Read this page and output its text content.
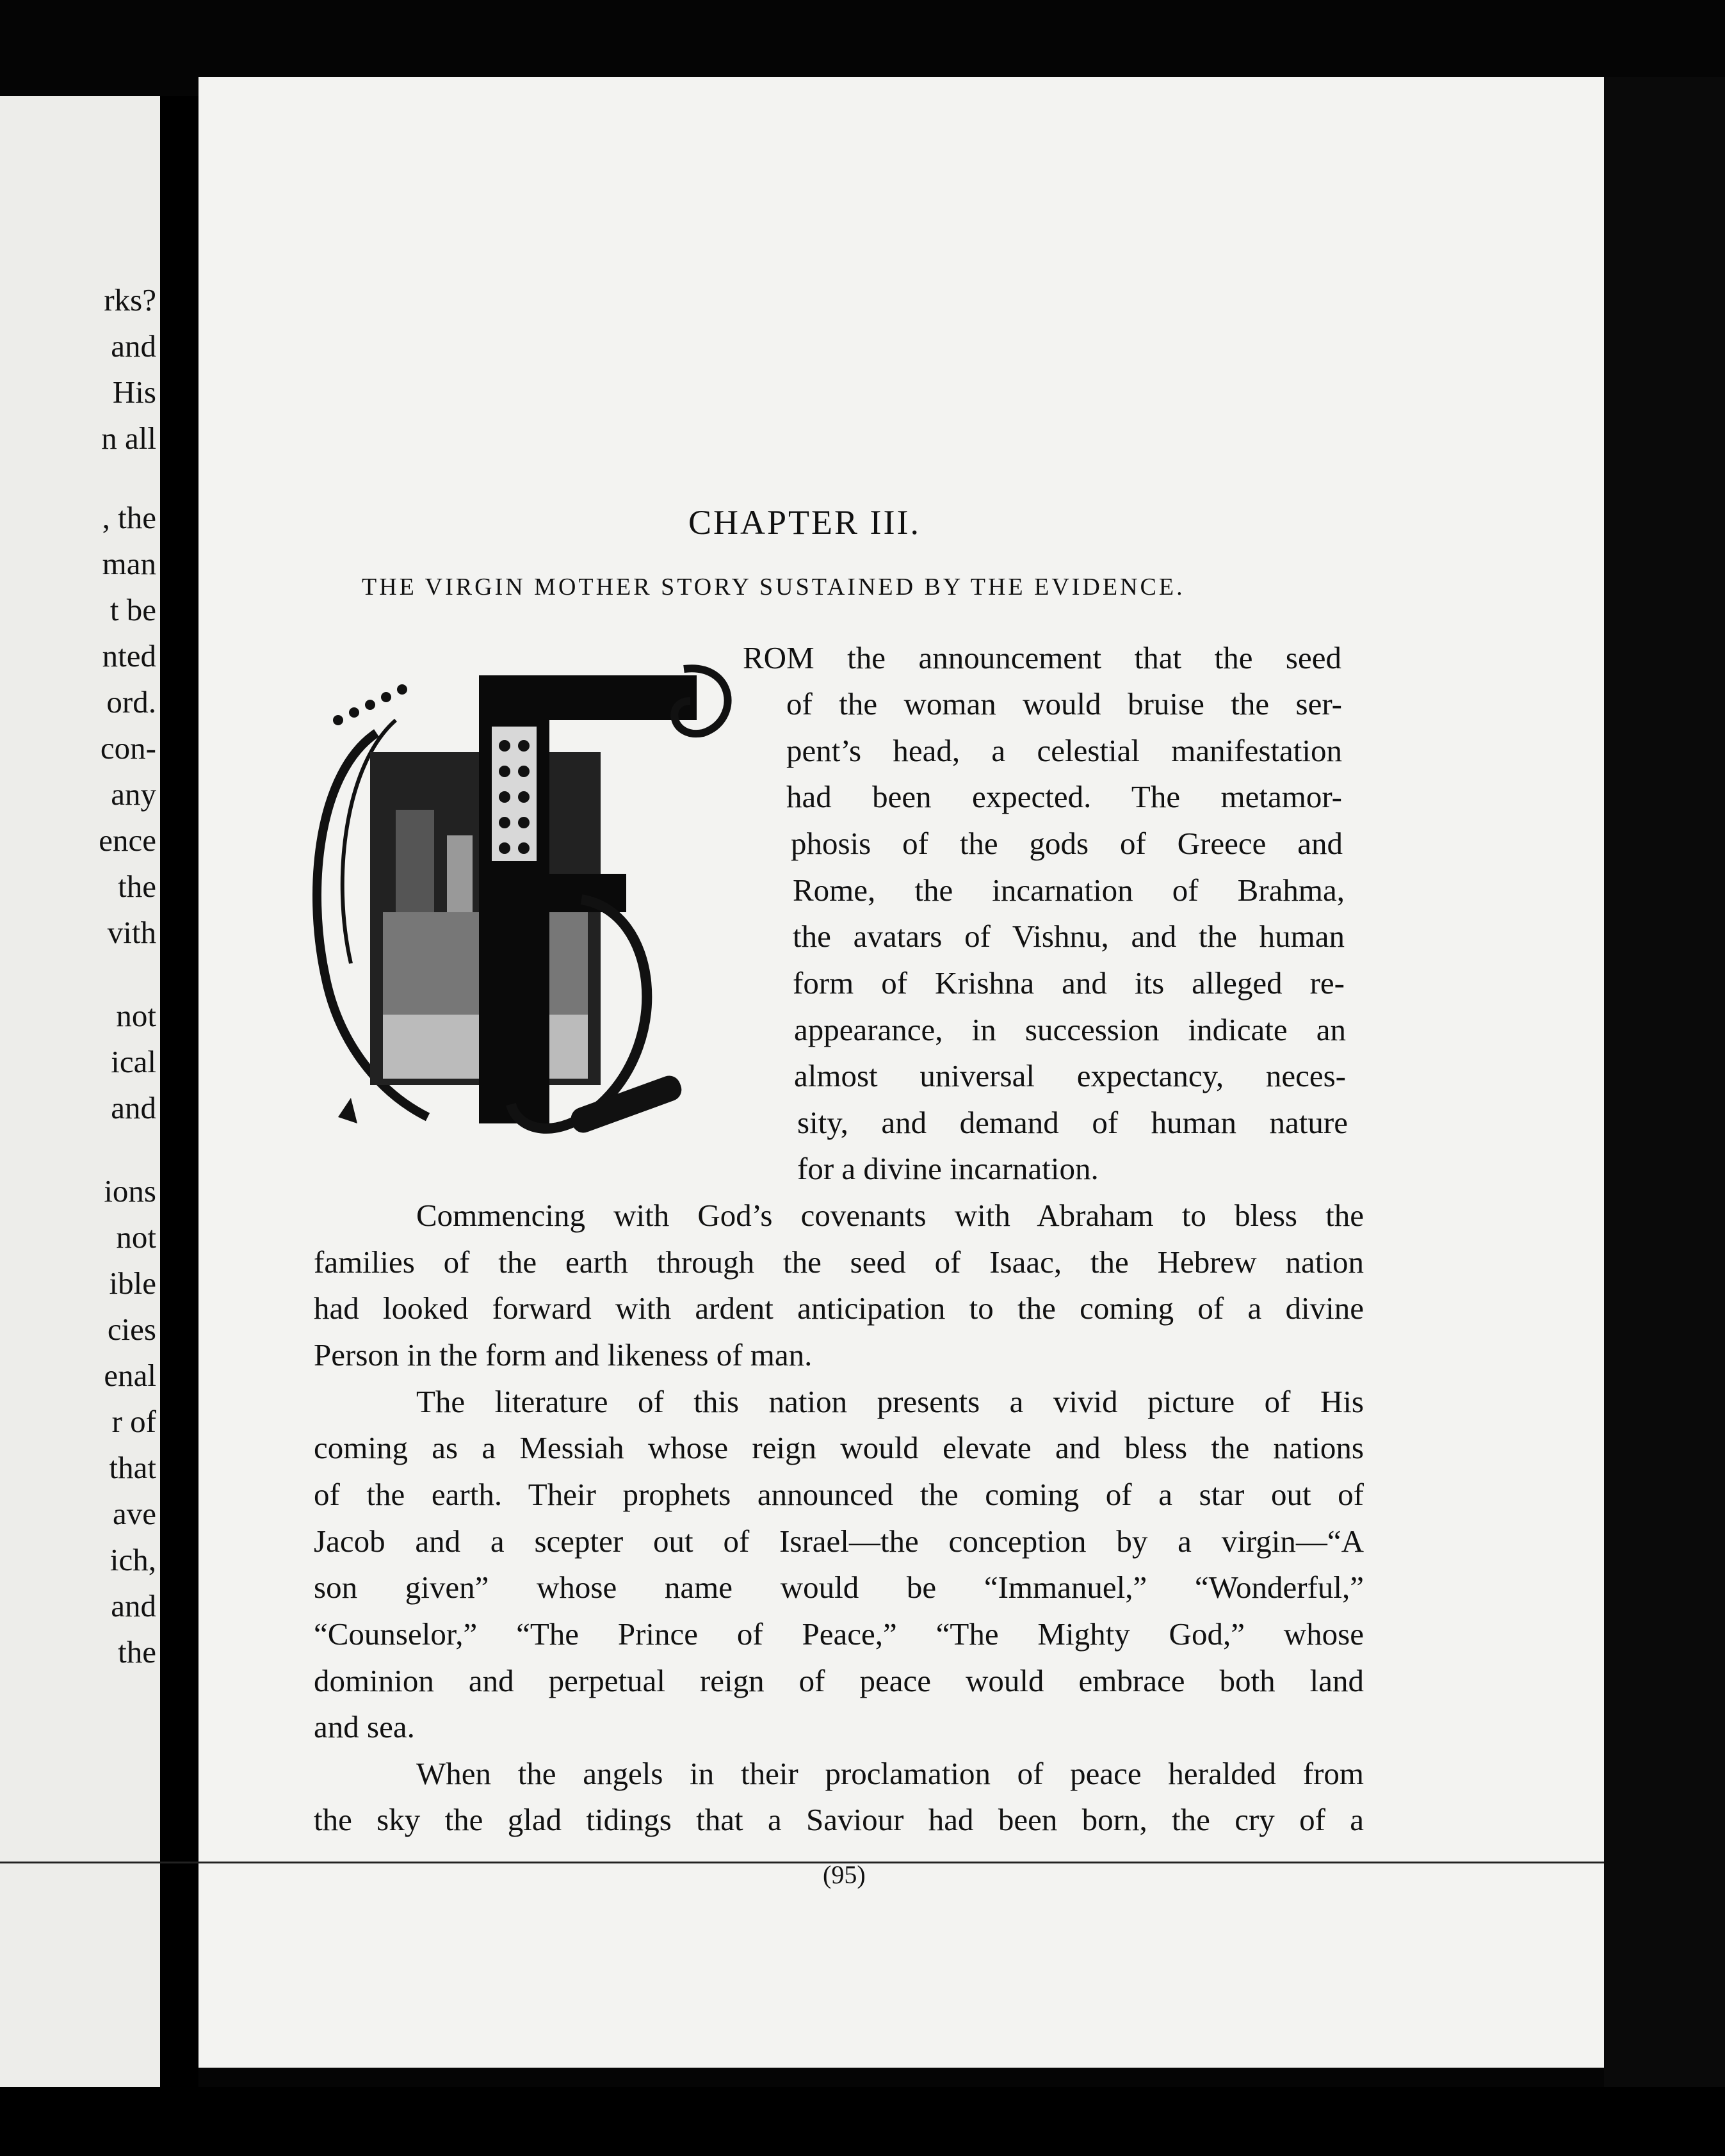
rks?
and
His
n all
, the
man
t be
nted
ord.
con-
any
ence
the
vith
not
ical
and
ions
not
ible
cies
enal
r of
that
ave
ich,
and
the
CHAPTER III.
THE VIRGIN MOTHER STORY SUSTAINED BY THE EVIDENCE.
ROM the announcement that the seed
of the woman would bruise the ser-
pent’s head, a celestial manifestation
had been expected. The metamor-
phosis of the gods of Greece and
Rome, the incarnation of Brahma,
the avatars of Vishnu, and the human
form of Krishna and its alleged re-
appearance, in succession indicate an
almost universal expectancy, neces-
sity, and demand of human nature
for a divine incarnation.
Commencing with God’s covenants with Abraham to bless the
families of the earth through the seed of Isaac, the Hebrew nation
had looked forward with ardent anticipation to the coming of a divine
Person in the form and likeness of man.
The literature of this nation presents a vivid picture of His
coming as a Messiah whose reign would elevate and bless the nations
of the earth. Their prophets announced the coming of a star out of
Jacob and a scepter out of Israel—the conception by a virgin—“A
son given” whose name would be “Immanuel,” “Wonderful,”
“Counselor,” “The Prince of Peace,” “The Mighty God,” whose
dominion and perpetual reign of peace would embrace both land
and sea.
When the angels in their proclamation of peace heralded from
the sky the glad tidings that a Saviour had been born, the cry of a
(95)
